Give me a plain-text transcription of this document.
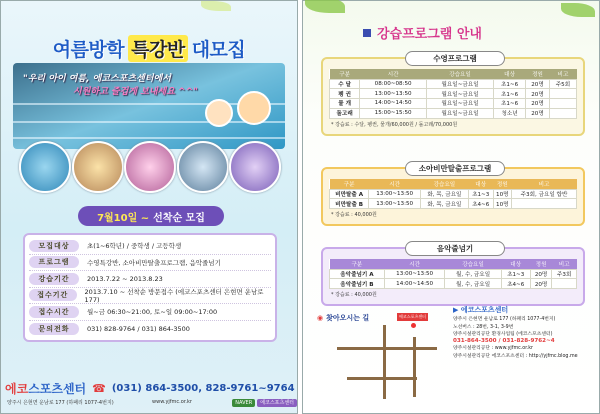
여름방학 특강반 대모집
"우리 아이 여름, 에코스포츠센터에서
시원하고 즐겁게 보내세요 ^^"
7월10일 ~ 선착순 모집
모집대상	초(1~6학년) / 중학생 / 고등학생
프로그램	수영특강반, 소아비만탈출프로그램, 음악줄넘기
강습기간	2013.7.22 ~ 2013.8.23
접수기간	2013.7.10 ~ 선착순 방문접수 (에코스포츠센터 은현면 운남로 177)
접수시간	월~금 06:30~21:00, 토~일 09:00~17:00
문의전화	031) 828-9764 / 031) 864-3500
에코스포츠센터 ☎ (031) 864-3500, 828-9761~9764
양주시 은현면 운남로 177 (하패리 1077-4번지)	www.yjfmc.or.kr	NAVER 에코스포츠센터
강습프로그램 안내
수영프로그램
구분	시간	강습요일	대상	정원	비고
수 달	08:00~08:50	월요일~금요일	초1~6	20명	주5회
펭 귄	13:00~13:50	월요일~금요일	초1~6	20명	
물 개	14:00~14:50	월요일~금요일	초1~6	20명	
돌고래	15:00~15:50	월요일~금요일	청소년	20명	
* 강습료 : 수달, 펭귄, 물개/60,000원 / 돌고래/70,000원
소아비만탈출프로그램
구분	시간	강습요일	대상	정원	비고
비만탈출 A	13:00~13:50	화, 목, 금요일	초1~3	10명	주3회, 금요일 합반
비만탈출 B	13:00~13:50	화, 목, 금요일	초4~6	10명	
* 강습료 : 40,000원
음악줄넘기
구분	시간	강습요일	대상	정원	비고
음악줄넘기 A	13:00~13:50	월, 수, 금요일	초1~3	20명	주3회
음악줄넘기 B	14:00~14:50	월, 수, 금요일	초4~6	20명	
* 강습료 : 40,000원
◉ 찾아오시는 길	에코스포츠센터
▶ 에코스포츠센터
양주시 은현면 운남로 177 (하패리 1077-4번지)
노선버스 : 28번, 3-1, 3-9번
양주시설관리공단 환경사업팀 (에코스포츠센터)
031-864-3500 / 031-828-9762~4
양주시설관리공단 : www.yjfmc.or.kr
양주시설관리공단 에코스포츠센터 : http://yjfmc.blog.me
